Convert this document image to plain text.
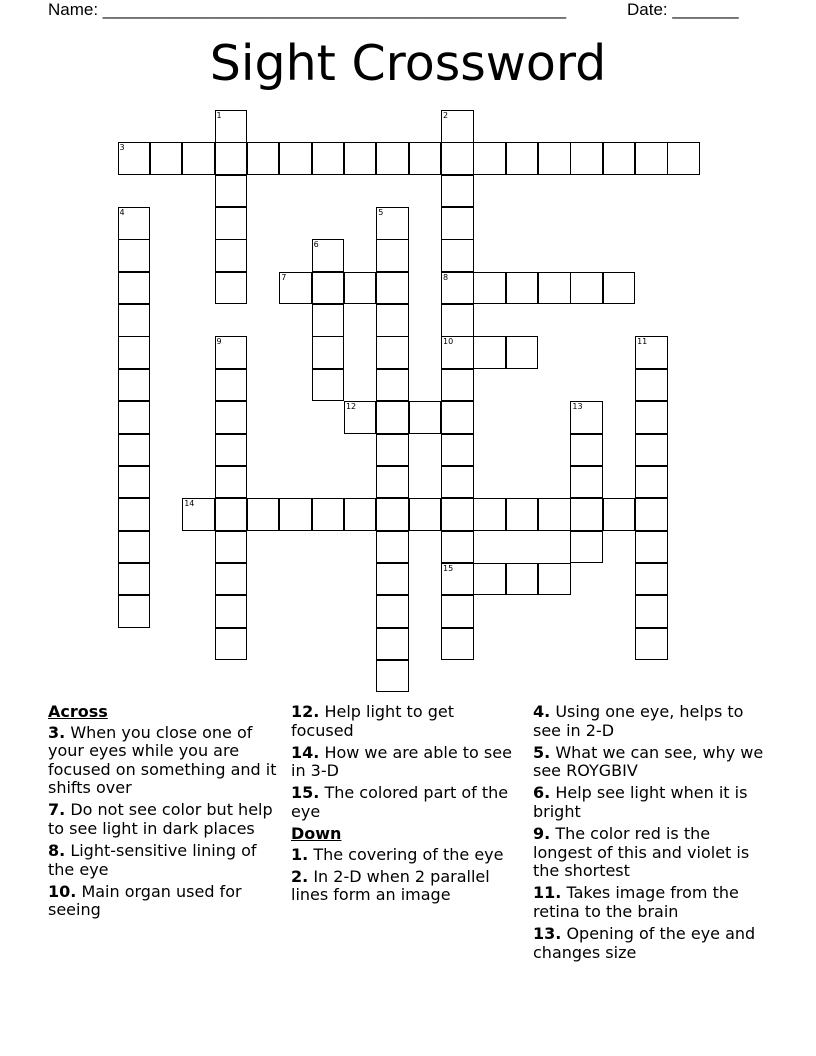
Name: _________________________________________________	Date: _______
Sight Crossword
1	2
8
10
15
3
4	5
6
7
9	11
12	13
14
Across
3. When you close one of your eyes while you are focused on something and it shifts over
7. Do not see color but help to see light in dark places
8. Light-sensitive lining of the eye
10. Main organ used for seeing
12. Help light to get focused
14. How we are able to see in 3-D
15. The colored part of the eye
Down
1. The covering of the eye
2. In 2-D when 2 parallel lines form an image
4. Using one eye, helps to see in 2-D
5. What we can see, why we see ROYGBIV
6. Help see light when it is bright
9. The color red is the longest of this and violet is the shortest
11. Takes image from the retina to the brain
13. Opening of the eye and changes size
